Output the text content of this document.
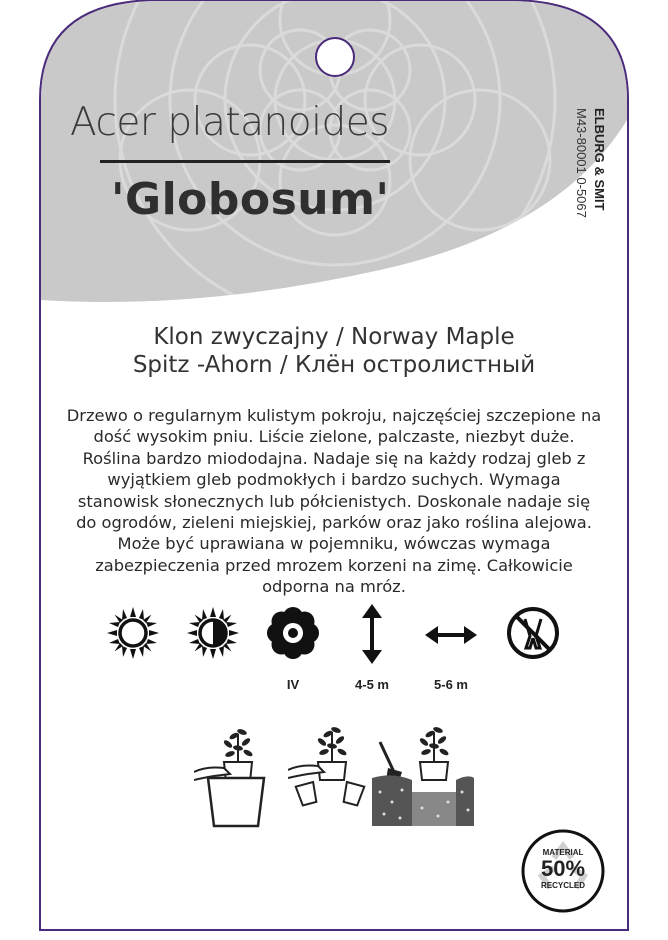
Acer platanoides
'Globosum'	ELBURG & SMIT
M43-80001 0-5067
Klon zwyczajny / Norway Maple
Spitz -Ahorn / Клён остролистный
Drzewo o regularnym kulistym pokroju, najczęściej szczepione na dość wysokim pniu. Liście zielone, palczaste, niezbyt duże. Roślina bardzo miododajna. Nadaje się na każdy rodzaj gleb z wyjątkiem gleb podmokłych i bardzo suchych. Wymaga stanowisk słonecznych lub półcienistych. Doskonale nadaje się do ogrodów, zieleni miejskiej, parków oraz jako roślina alejowa. Może być uprawiana w pojemniku, wówczas wymaga zabezpieczenia przed mrozem korzeni na zimę. Całkowicie odporna na mróz.
IV	4-5 m	5-6 m
MATERIAL
50%
RECYCLED
